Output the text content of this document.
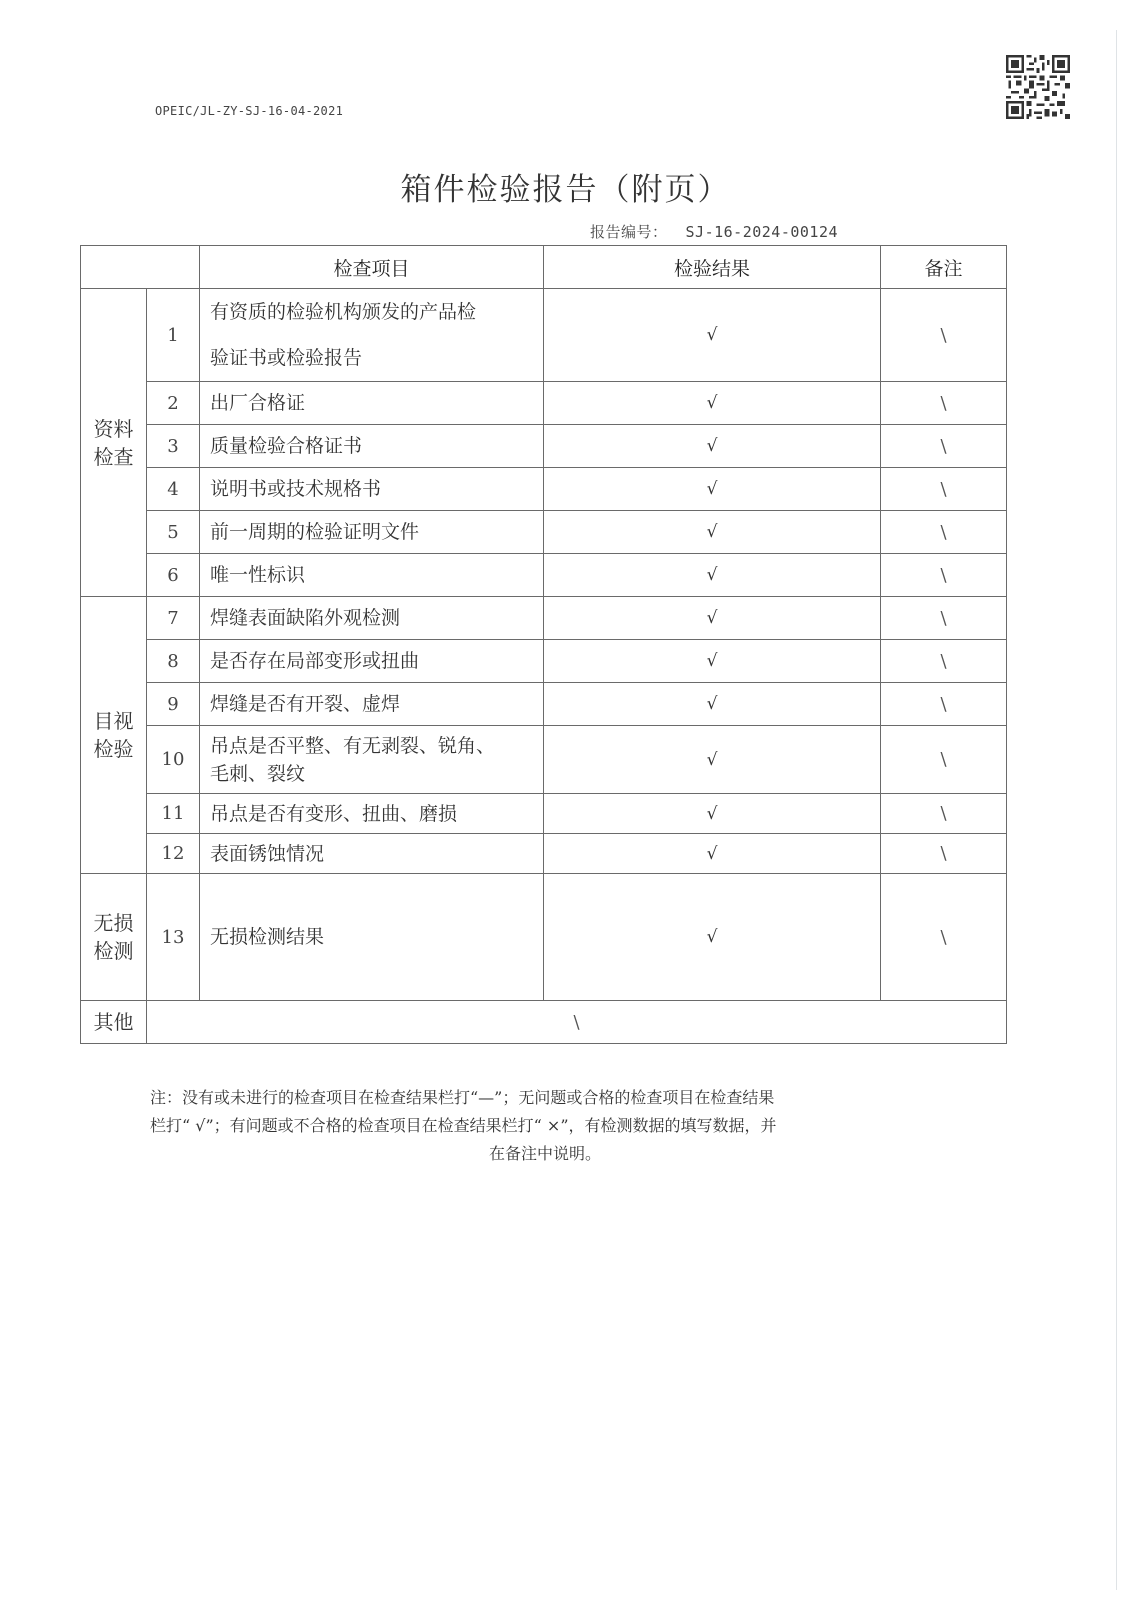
OPEIC/JL-ZY-SJ-16-04-2021
箱件检验报告（附页）
报告编号： SJ-16-2024-00124
		检查项目	检验结果	备注

资料
检查	1	有资质的检验机构颁发的产品检
验证书或检验报告	√	\
	2	出厂合格证	√	\
	3	质量检验合格证书	√	\
	4	说明书或技术规格书	√	\
	5	前一周期的检验证明文件	√	\
	6	唯一性标识	√	\

目视
检验	7	焊缝表面缺陷外观检测	√	\
	8	是否存在局部变形或扭曲	√	\
	9	焊缝是否有开裂、虚焊	√	\
	10	吊点是否平整、有无剥裂、锐角、
毛刺、裂纹	√	\
	11	吊点是否有变形、扭曲、磨损	√	\
	12	表面锈蚀情况	√	\

无损
检测	13	无损检测结果	√	\
其他	\			
注：没有或未进行的检查项目在检查结果栏打“—”；无问题或合格的检查项目在检查结果
栏打“ √”；有问题或不合格的检查项目在检查结果栏打“ ×”，有检测数据的填写数据，并
在备注中说明。
